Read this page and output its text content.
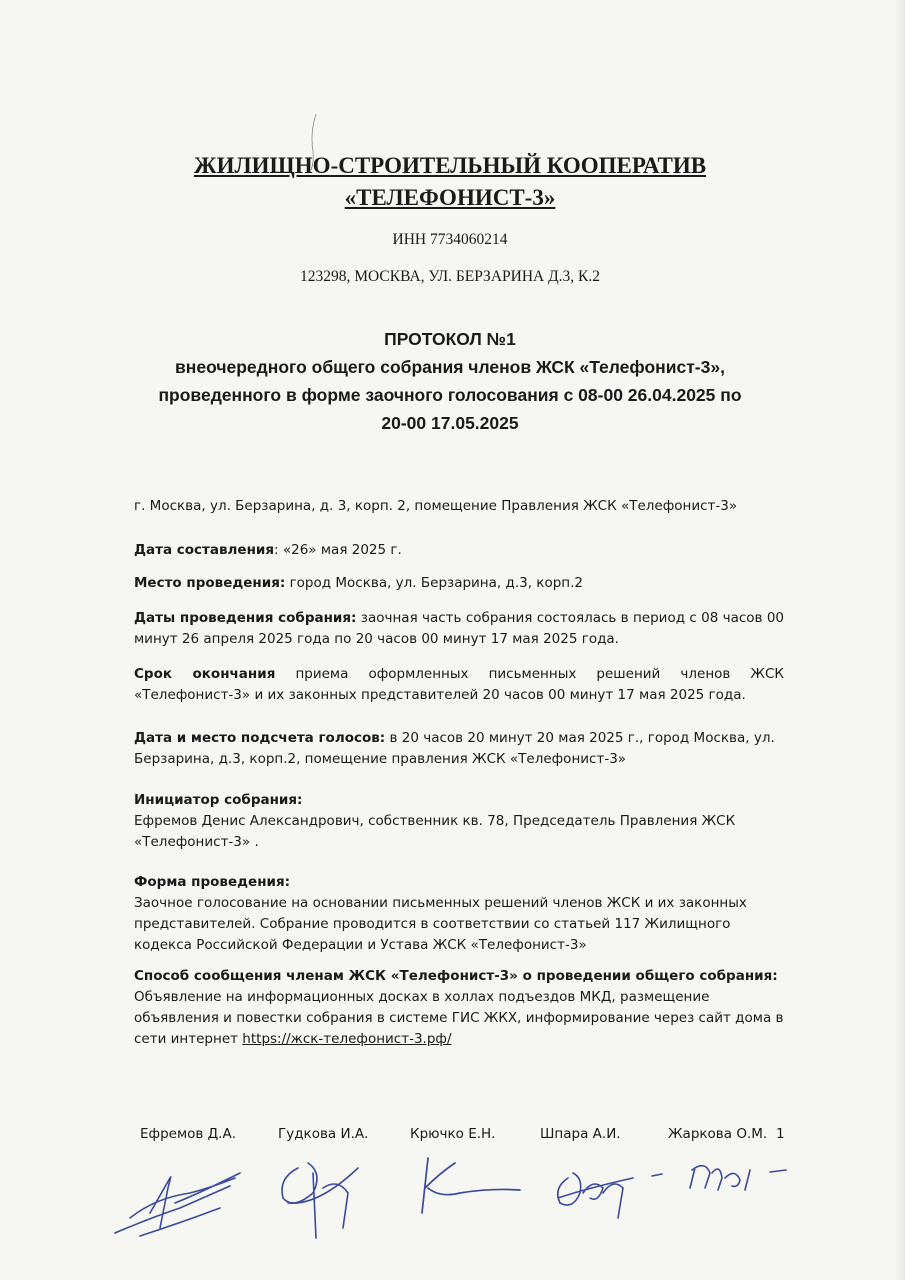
ЖИЛИЩНО-СТРОИТЕЛЬНЫЙ КООПЕРАТИВ
«ТЕЛЕФОНИСТ-3»
ИНН 7734060214
123298, МОСКВА, УЛ. БЕРЗАРИНА Д.3, К.2
ПРОТОКОЛ №1
внеочередного общего собрания членов ЖСК «Телефонист-3»,
проведенного в форме заочного голосования с 08-00 26.04.2025 по
20-00 17.05.2025
г. Москва, ул. Берзарина, д. 3, корп. 2, помещение Правления ЖСК «Телефонист-3»
Дата составления: «26» мая 2025 г.
Место проведения: город Москва, ул. Берзарина, д.3, корп.2
Даты проведения собрания: заочная часть собрания состоялась в период с 08 часов 00 минут 26 апреля 2025 года по 20 часов 00 минут 17 мая 2025 года.
Срок окончания приема оформленных письменных решений членов ЖСК «Телефонист-3» и их законных представителей 20 часов 00 минут 17 мая 2025 года.
Дата и место подсчета голосов: в 20 часов 20 минут 20 мая 2025 г., город Москва, ул. Берзарина, д.3, корп.2, помещение правления ЖСК «Телефонист-3»
Инициатор собрания:
Ефремов Денис Александрович, собственник кв. 78, Председатель Правления ЖСК «Телефонист-3» .
Форма проведения:
Заочное голосование на основании письменных решений членов ЖСК и их законных представителей. Собрание проводится в соответствии со статьей 117 Жилищного кодекса Российской Федерации и Устава ЖСК «Телефонист-3»
Способ сообщения членам ЖСК «Телефонист-3» о проведении общего собрания:
Объявление на информационных досках в холлах подъездов МКД, размещение объявления и повестки собрания в системе ГИС ЖКХ, информирование через сайт дома в сети интернет https://жск-телефонист-3.рф/
Ефремов Д.А.	Гудкова И.А.	Крючко Е.Н.	Шпара А.И.	Жаркова О.М. 1
